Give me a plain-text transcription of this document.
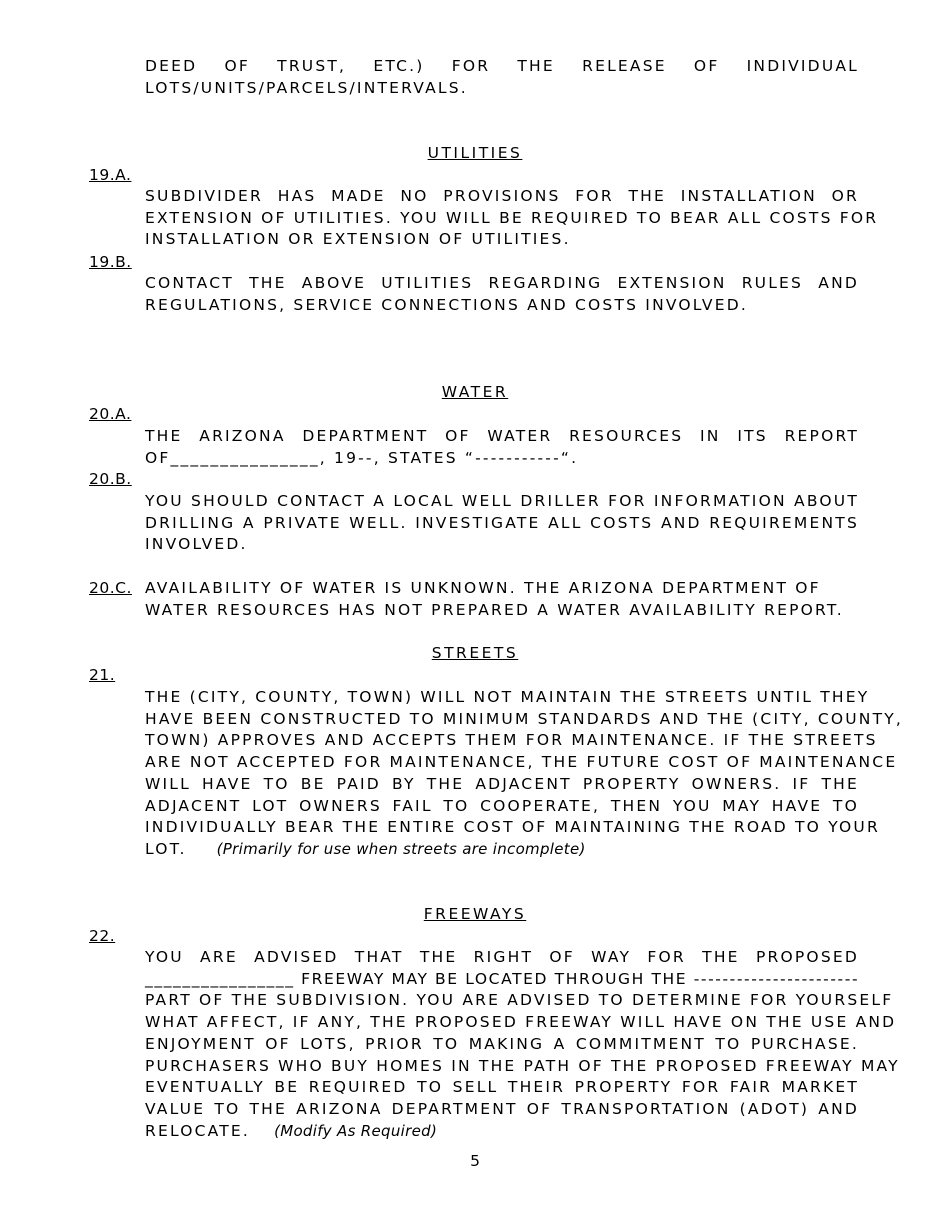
DEED OF TRUST, ETC.) FOR THE RELEASE OF INDIVIDUAL
LOTS/UNITS/PARCELS/INTERVALS.
UTILITIES
19.A.
SUBDIVIDER HAS MADE NO PROVISIONS FOR THE INSTALLATION OR
EXTENSION OF UTILITIES. YOU WILL BE REQUIRED TO BEAR ALL COSTS FOR
INSTALLATION OR EXTENSION OF UTILITIES.
19.B.
CONTACT THE ABOVE UTILITIES REGARDING EXTENSION RULES AND
REGULATIONS, SERVICE CONNECTIONS AND COSTS INVOLVED.
WATER
20.A.
THE ARIZONA DEPARTMENT OF WATER RESOURCES IN ITS REPORT
OF_______________, 19--, STATES “-----------“.
20.B.
YOU SHOULD CONTACT A LOCAL WELL DRILLER FOR INFORMATION ABOUT
DRILLING A PRIVATE WELL. INVESTIGATE ALL COSTS AND REQUIREMENTS
INVOLVED.
20.C. AVAILABILITY OF WATER IS UNKNOWN. THE ARIZONA DEPARTMENT OF
WATER RESOURCES HAS NOT PREPARED A WATER AVAILABILITY REPORT.
STREETS
21.
THE (CITY, COUNTY, TOWN) WILL NOT MAINTAIN THE STREETS UNTIL THEY
HAVE BEEN CONSTRUCTED TO MINIMUM STANDARDS AND THE (CITY, COUNTY,
TOWN) APPROVES AND ACCEPTS THEM FOR MAINTENANCE. IF THE STREETS
ARE NOT ACCEPTED FOR MAINTENANCE, THE FUTURE COST OF MAINTENANCE
WILL HAVE TO BE PAID BY THE ADJACENT PROPERTY OWNERS. IF THE
ADJACENT LOT OWNERS FAIL TO COOPERATE, THEN YOU MAY HAVE TO
INDIVIDUALLY BEAR THE ENTIRE COST OF MAINTAINING THE ROAD TO YOUR
LOT. (Primarily for use when streets are incomplete)
FREEWAYS
22.
YOU ARE ADVISED THAT THE RIGHT OF WAY FOR THE PROPOSED
________________ FREEWAY MAY BE LOCATED THROUGH THE -----------------------
PART OF THE SUBDIVISION. YOU ARE ADVISED TO DETERMINE FOR YOURSELF
WHAT AFFECT, IF ANY, THE PROPOSED FREEWAY WILL HAVE ON THE USE AND
ENJOYMENT OF LOTS, PRIOR TO MAKING A COMMITMENT TO PURCHASE.
PURCHASERS WHO BUY HOMES IN THE PATH OF THE PROPOSED FREEWAY MAY
EVENTUALLY BE REQUIRED TO SELL THEIR PROPERTY FOR FAIR MARKET
VALUE TO THE ARIZONA DEPARTMENT OF TRANSPORTATION (ADOT) AND
RELOCATE. (Modify As Required)
5
